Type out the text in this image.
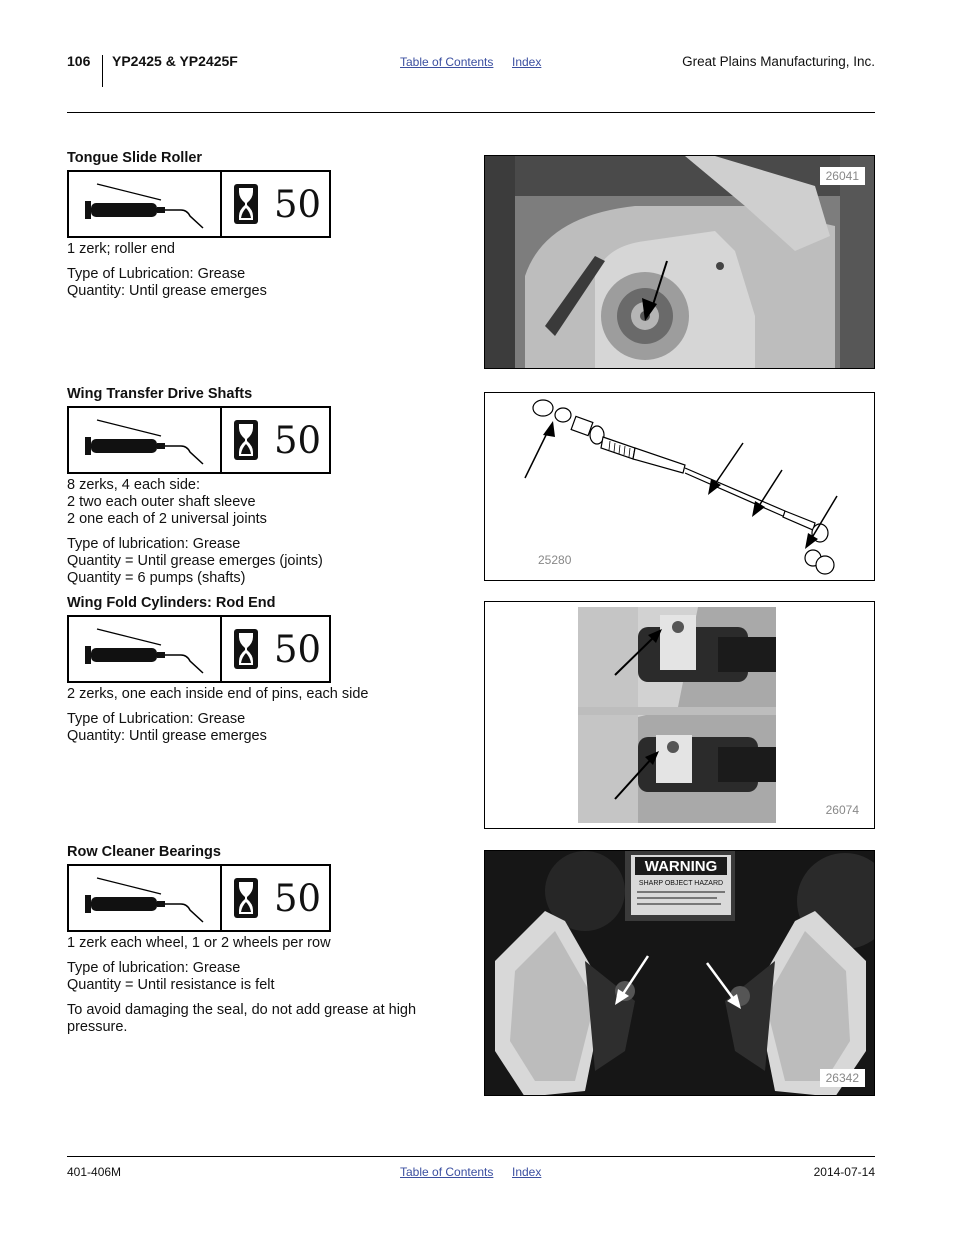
106 YP2425 & YP2425F	Table of Contents Index	Great Plains Manufacturing, Inc.
Tongue Slide Roller
50
1 zerk; roller end
Type of Lubrication: Grease
Quantity: Until grease emerges
26041
Wing Transfer Drive Shafts
50
8 zerks, 4 each side:
2 two each outer shaft sleeve
2 one each of 2 universal joints
Type of lubrication: Grease
Quantity = Until grease emerges (joints)
Quantity = 6 pumps (shafts)
25280
Wing Fold Cylinders: Rod End
50
2 zerks, one each inside end of pins, each side
Type of Lubrication: Grease
Quantity: Until grease emerges
26074
Row Cleaner Bearings
50
1 zerk each wheel, 1 or 2 wheels per row
Type of lubrication: Grease
Quantity = Until resistance is felt
To avoid damaging the seal, do not add grease at high pressure.
WARNING
SHARP OBJECT HAZARD
26342
401-406M	Table of Contents Index	2014-07-14
